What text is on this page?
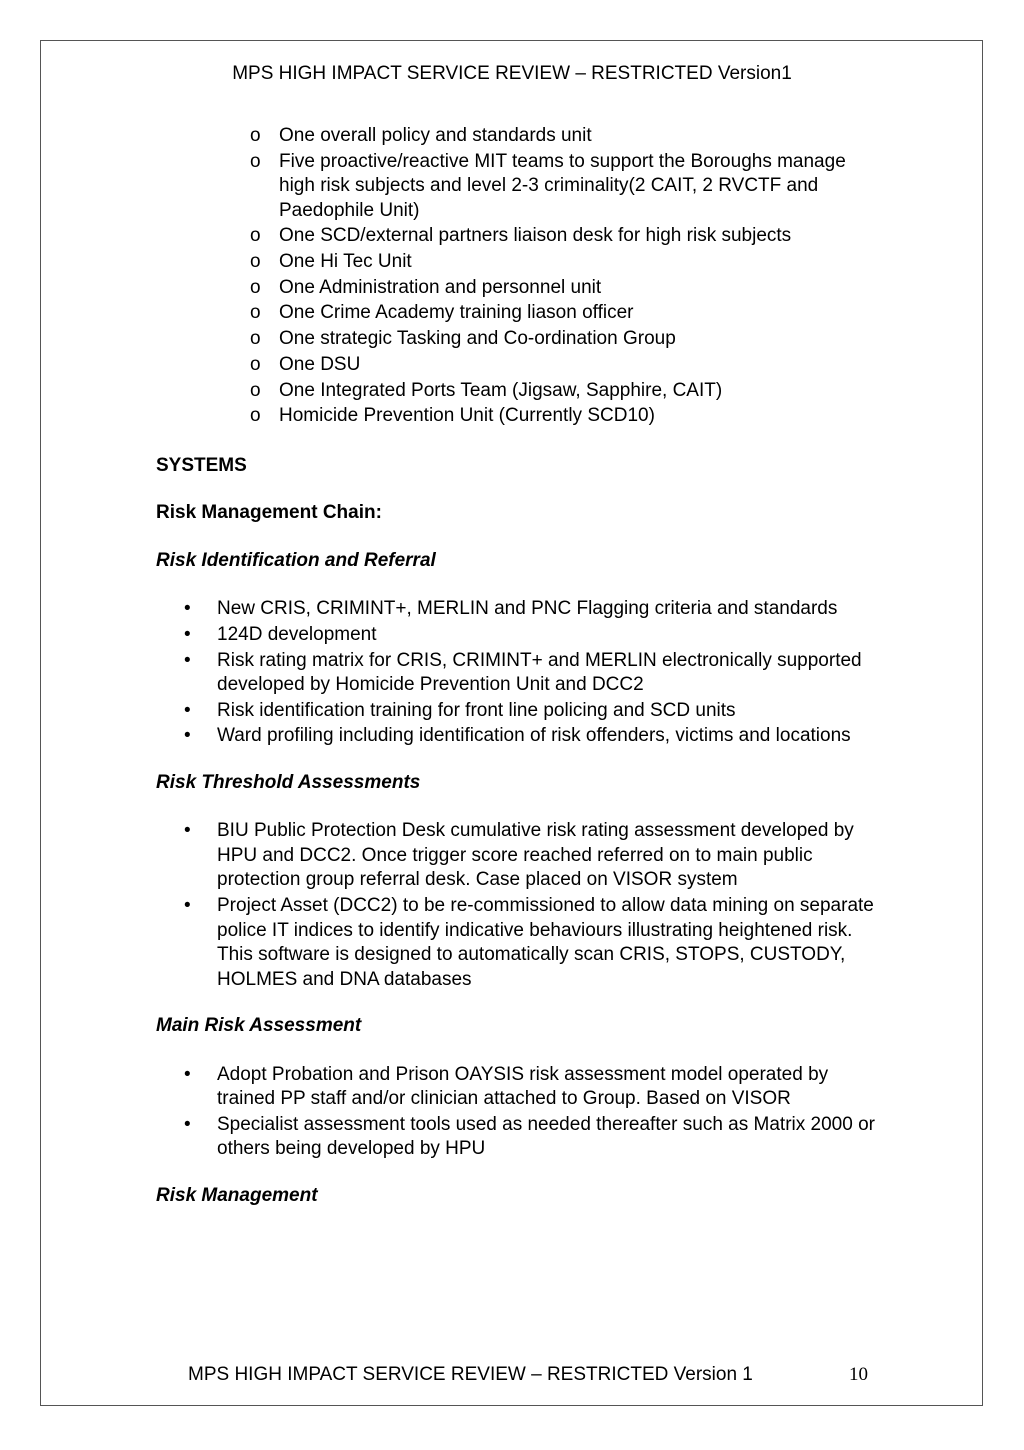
MPS HIGH IMPACT SERVICE REVIEW – RESTRICTED Version1
o One overall policy and standards unit
o Five proactive/reactive MIT teams to support the Boroughs manage high risk subjects and level 2-3 criminality(2 CAIT, 2 RVCTF and Paedophile Unit)
o One SCD/external partners liaison desk for high risk subjects
o One Hi Tec Unit
o One Administration and personnel unit
o One Crime Academy training liason officer
o One strategic Tasking and Co-ordination Group
o One DSU
o One Integrated Ports Team (Jigsaw, Sapphire, CAIT)
o Homicide Prevention Unit (Currently SCD10)

SYSTEMS

Risk Management Chain:

Risk Identification and Referral

• New CRIS, CRIMINT+, MERLIN and PNC Flagging criteria and standards
• 124D development
• Risk rating matrix for CRIS, CRIMINT+ and MERLIN electronically supported developed by Homicide Prevention Unit and DCC2
• Risk identification training for front line policing and SCD units
• Ward profiling including identification of risk offenders, victims and locations

Risk Threshold Assessments

• BIU Public Protection Desk cumulative risk rating assessment developed by HPU and DCC2. Once trigger score reached referred on to main public protection group referral desk. Case placed on VISOR system
• Project Asset (DCC2) to be re-commissioned to allow data mining on separate police IT indices to identify indicative behaviours illustrating heightened risk. This software is designed to automatically scan CRIS, STOPS, CUSTODY, HOLMES and DNA databases

Main Risk Assessment

• Adopt Probation and Prison OAYSIS risk assessment model operated by trained PP staff and/or clinician attached to Group. Based on VISOR
• Specialist assessment tools used as needed thereafter such as Matrix 2000 or others being developed by HPU

Risk Management

MPS HIGH IMPACT SERVICE REVIEW – RESTRICTED Version 1	10
